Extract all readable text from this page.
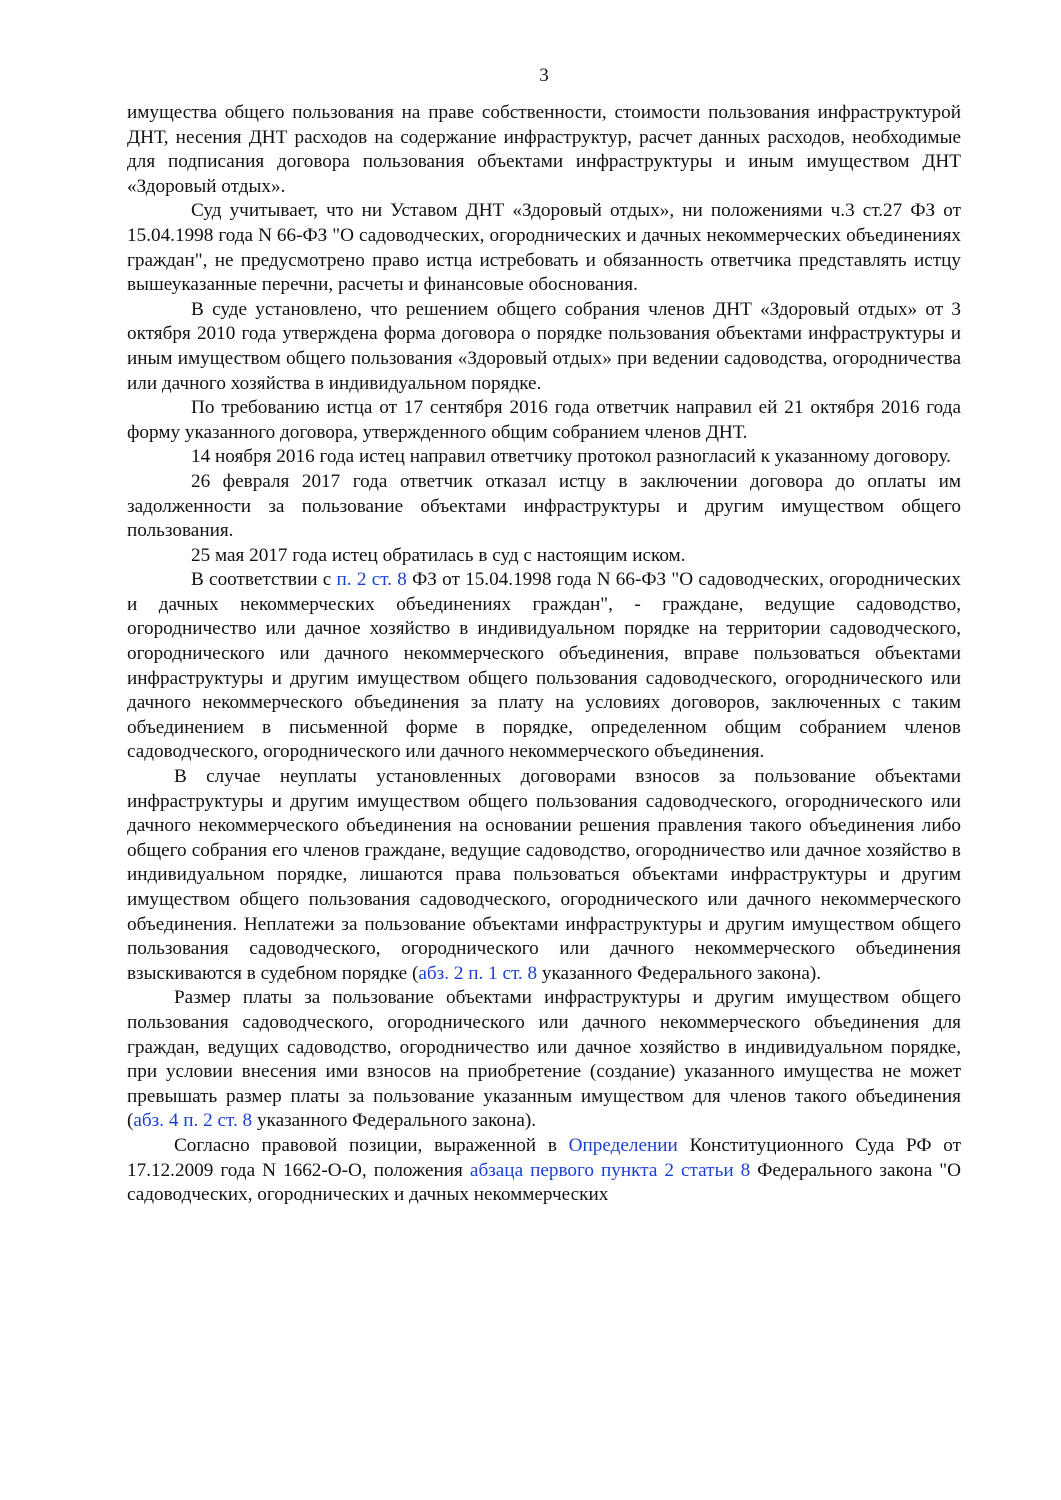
3

имущества общего пользования на праве собственности, стоимости пользования инфраструктурой ДНТ, несения ДНТ расходов на содержание инфраструктур, расчет данных расходов, необходимые для подписания договора пользования объектами инфраструктуры и иным имуществом ДНТ «Здоровый отдых».

Суд учитывает, что ни Уставом ДНТ «Здоровый отдых», ни положениями ч.3 ст.27 ФЗ от 15.04.1998 года N 66-ФЗ "О садоводческих, огороднических и дачных некоммерческих объединениях граждан", не предусмотрено право истца истребовать и обязанность ответчика представлять истцу вышеуказанные перечни, расчеты и финансовые обоснования.

В суде установлено, что решением общего собрания членов ДНТ «Здоровый отдых» от 3 октября 2010 года утверждена форма договора о порядке пользования объектами инфраструктуры и иным имуществом общего пользования «Здоровый отдых» при ведении садоводства, огородничества или дачного хозяйства в индивидуальном порядке.

По требованию истца от 17 сентября 2016 года ответчик направил ей 21 октября 2016 года форму указанного договора, утвержденного общим собранием членов ДНТ.

14 ноября 2016 года истец направил ответчику протокол разногласий к указанному договору.

26 февраля 2017 года ответчик отказал истцу в заключении договора до оплаты им задолженности за пользование объектами инфраструктуры и другим имуществом общего пользования.

25 мая 2017 года истец обратилась в суд с настоящим иском.

В соответствии с п. 2 ст. 8 ФЗ от 15.04.1998 года N 66-ФЗ "О садоводческих, огороднических и дачных некоммерческих объединениях граждан", - граждане, ведущие садоводство, огородничество или дачное хозяйство в индивидуальном порядке на территории садоводческого, огороднического или дачного некоммерческого объединения, вправе пользоваться объектами инфраструктуры и другим имуществом общего пользования садоводческого, огороднического или дачного некоммерческого объединения за плату на условиях договоров, заключенных с таким объединением в письменной форме в порядке, определенном общим собранием членов садоводческого, огороднического или дачного некоммерческого объединения.

В случае неуплаты установленных договорами взносов за пользование объектами инфраструктуры и другим имуществом общего пользования садоводческого, огороднического или дачного некоммерческого объединения на основании решения правления такого объединения либо общего собрания его членов граждане, ведущие садоводство, огородничество или дачное хозяйство в индивидуальном порядке, лишаются права пользоваться объектами инфраструктуры и другим имуществом общего пользования садоводческого, огороднического или дачного некоммерческого объединения. Неплатежи за пользование объектами инфраструктуры и другим имуществом общего пользования садоводческого, огороднического или дачного некоммерческого объединения взыскиваются в судебном порядке (абз. 2 п. 1 ст. 8 указанного Федерального закона).

Размер платы за пользование объектами инфраструктуры и другим имуществом общего пользования садоводческого, огороднического или дачного некоммерческого объединения для граждан, ведущих садоводство, огородничество или дачное хозяйство в индивидуальном порядке, при условии внесения ими взносов на приобретение (создание) указанного имущества не может превышать размер платы за пользование указанным имуществом для членов такого объединения (абз. 4 п. 2 ст. 8 указанного Федерального закона).

Согласно правовой позиции, выраженной в Определении Конституционного Суда РФ от 17.12.2009 года N 1662-О-О, положения абзаца первого пункта 2 статьи 8 Федерального закона "О садоводческих, огороднических и дачных некоммерческих
